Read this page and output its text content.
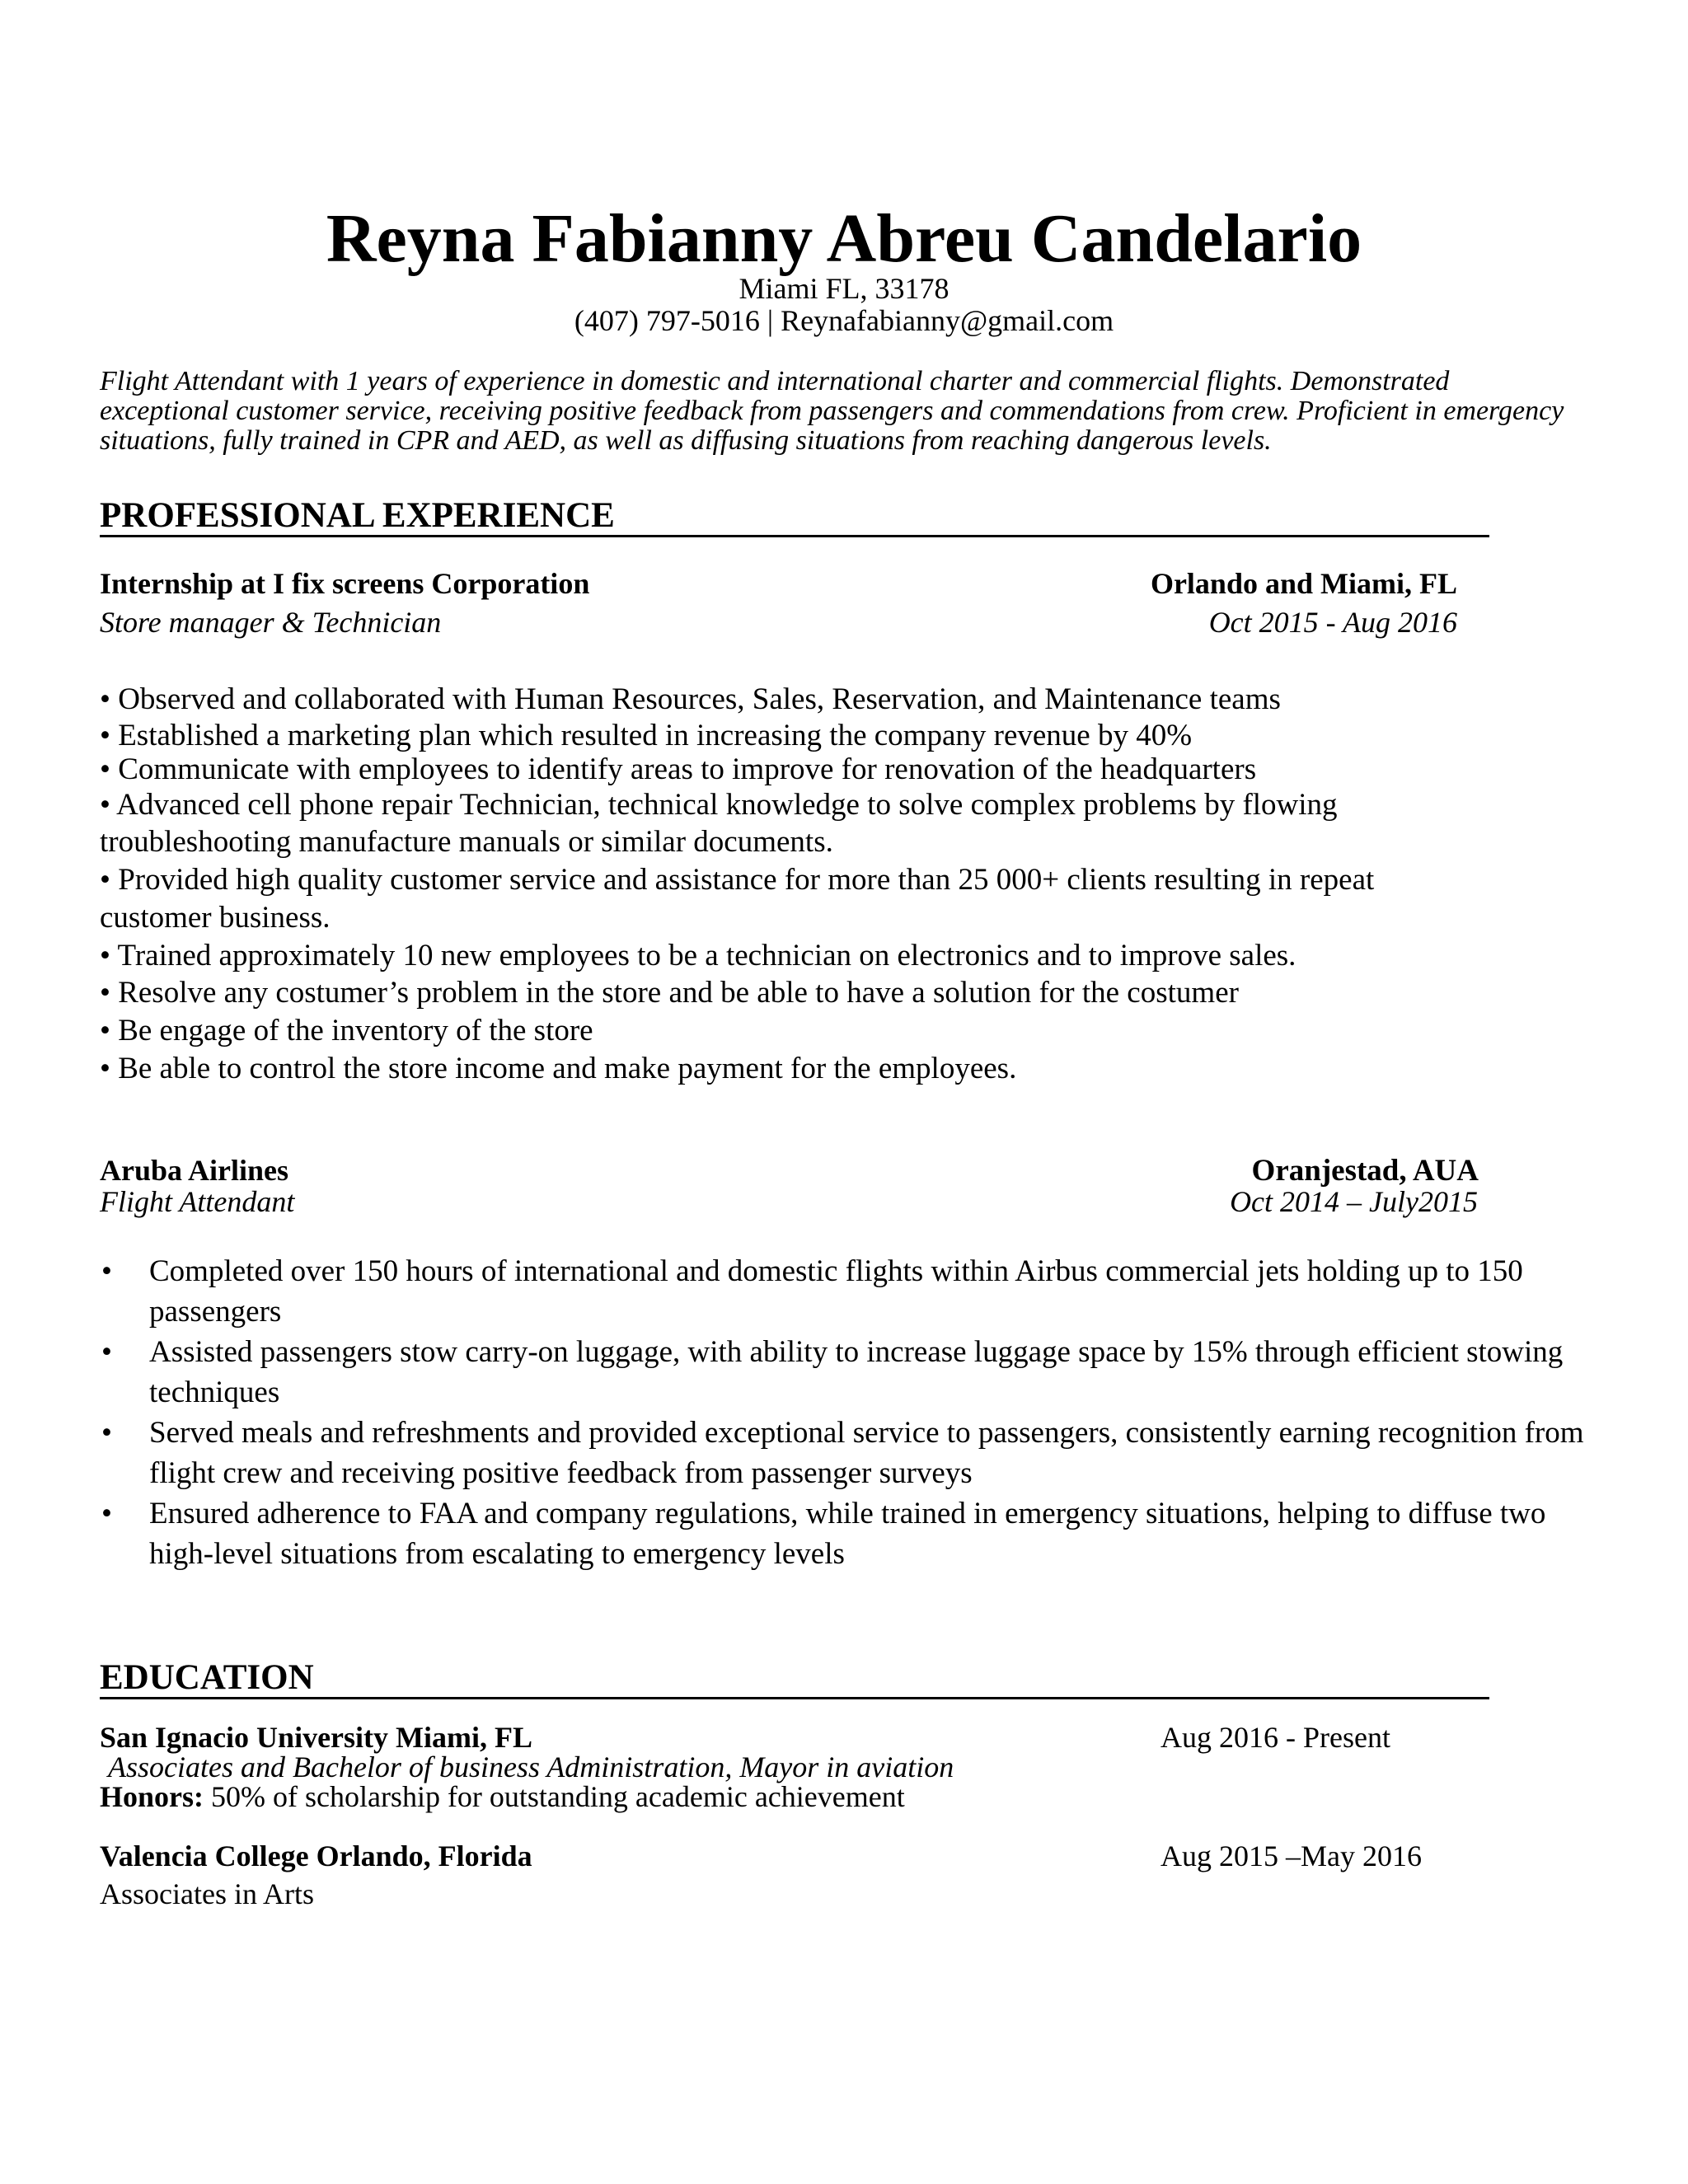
Reyna Fabianny Abreu Candelario
Miami FL, 33178
(407) 797-5016 | Reynafabianny@gmail.com
Flight Attendant with 1 years of experience in domestic and international charter and commercial flights. Demonstrated exceptional customer service, receiving positive feedback from passengers and commendations from crew. Proficient in emergency situations, fully trained in CPR and AED, as well as diffusing situations from reaching dangerous levels.
PROFESSIONAL EXPERIENCE
Internship at I fix screens Corporation	Orlando and Miami, FL
Store manager & Technician	Oct 2015 - Aug 2016
• Observed and collaborated with Human Resources, Sales, Reservation, and Maintenance teams
• Established a marketing plan which resulted in increasing the company revenue by 40%
• Communicate with employees to identify areas to improve for renovation of the headquarters
• Advanced cell phone repair Technician, technical knowledge to solve complex problems by flowing troubleshooting manufacture manuals or similar documents.
• Provided high quality customer service and assistance for more than 25 000+ clients resulting in repeat customer business.
• Trained approximately 10 new employees to be a technician on electronics and to improve sales.
• Resolve any costumer’s problem in the store and be able to have a solution for the costumer
• Be engage of the inventory of the store
• Be able to control the store income and make payment for the employees.
Aruba Airlines	Oranjestad, AUA
Flight Attendant	Oct 2014 – July2015
• Completed over 150 hours of international and domestic flights within Airbus commercial jets holding up to 150 passengers
• Assisted passengers stow carry-on luggage, with ability to increase luggage space by 15% through efficient stowing techniques
• Served meals and refreshments and provided exceptional service to passengers, consistently earning recognition from flight crew and receiving positive feedback from passenger surveys
• Ensured adherence to FAA and company regulations, while trained in emergency situations, helping to diffuse two high-level situations from escalating to emergency levels
EDUCATION
San Ignacio University Miami, FL	Aug 2016 - Present
Associates and Bachelor of business Administration, Mayor in aviation
Honors: 50% of scholarship for outstanding academic achievement
Valencia College Orlando, Florida	Aug 2015 –May 2016
Associates in Arts
